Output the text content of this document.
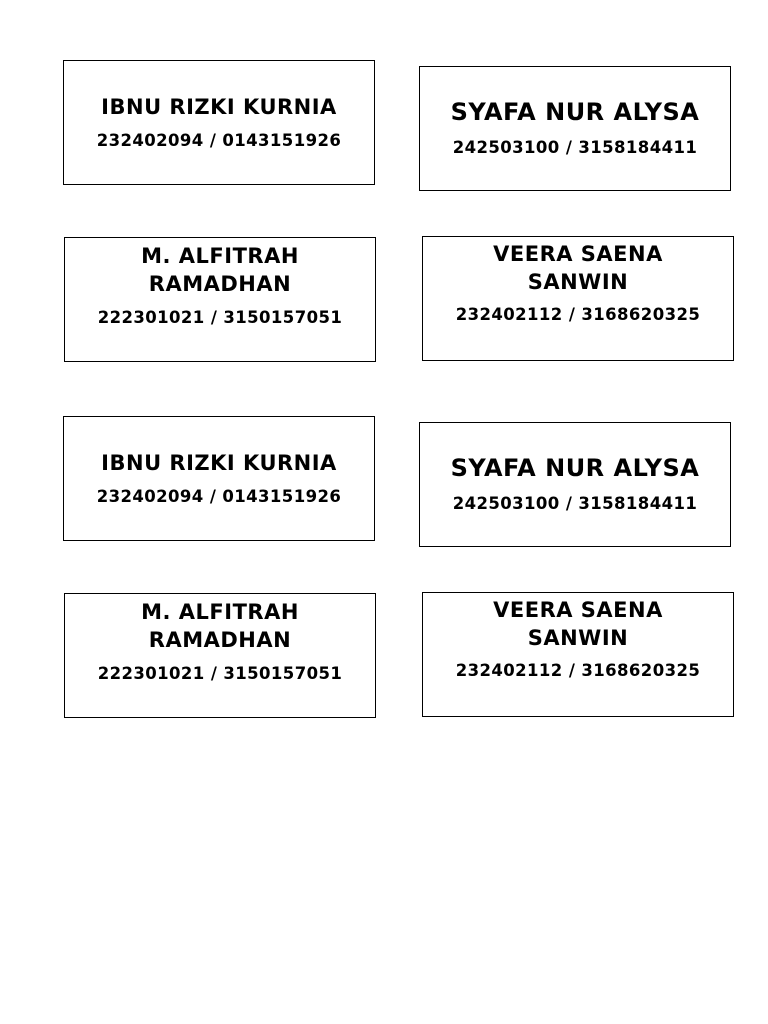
IBNU RIZKI KURNIA
232402094 / 0143151926
SYAFA NUR ALYSA
242503100 / 3158184411
M. ALFITRAH
RAMADHAN
222301021 / 3150157051
VEERA SAENA
SANWIN
232402112 / 3168620325
IBNU RIZKI KURNIA
232402094 / 0143151926
SYAFA NUR ALYSA
242503100 / 3158184411
M. ALFITRAH
RAMADHAN
222301021 / 3150157051
VEERA SAENA
SANWIN
232402112 / 3168620325
